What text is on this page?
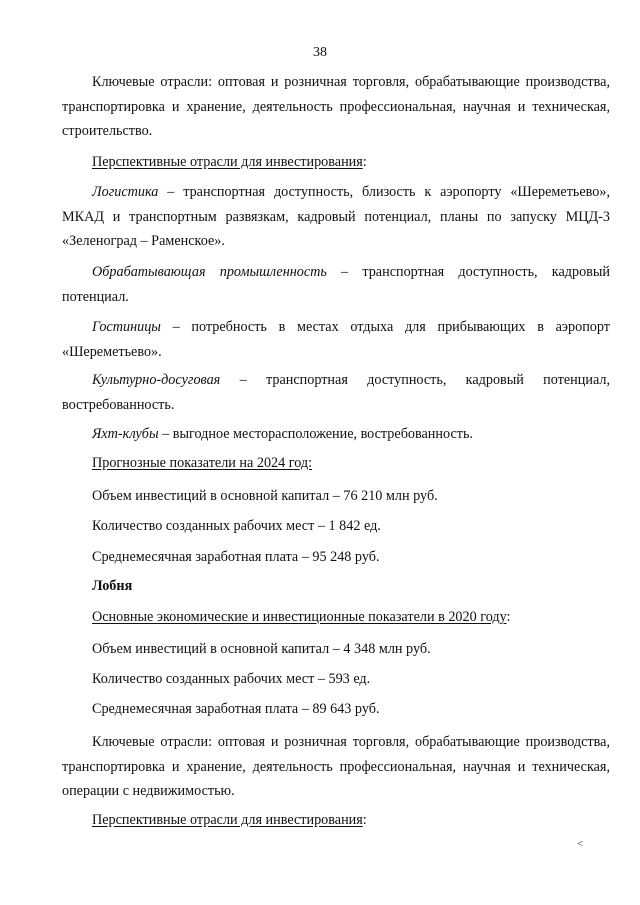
38
Ключевые отрасли: оптовая и розничная торговля, обрабатывающие производства, транспортировка и хранение, деятельность профессиональная, научная и техническая, строительство.
Перспективные отрасли для инвестирования:
Логистика – транспортная доступность, близость к аэропорту «Шереметьево», МКАД и транспортным развязкам, кадровый потенциал, планы по запуску МЦД-3 «Зеленоград – Раменское».
Обрабатывающая промышленность – транспортная доступность, кадровый потенциал.
Гостиницы – потребность в местах отдыха для прибывающих в аэропорт «Шереметьево».
Культурно-досуговая – транспортная доступность, кадровый потенциал, востребованность.
Яхт-клубы – выгодное месторасположение, востребованность.
Прогнозные показатели на 2024 год:
Объем инвестиций в основной капитал – 76 210 млн руб.
Количество созданных рабочих мест – 1 842 ед.
Среднемесячная заработная плата – 95 248 руб.
Лобня
Основные экономические и инвестиционные показатели в 2020 году:
Объем инвестиций в основной капитал – 4 348 млн руб.
Количество созданных рабочих мест – 593 ед.
Среднемесячная заработная плата – 89 643 руб.
Ключевые отрасли: оптовая и розничная торговля, обрабатывающие производства, транспортировка и хранение, деятельность профессиональная, научная и техническая, операции с недвижимостью.
Перспективные отрасли для инвестирования:
<
